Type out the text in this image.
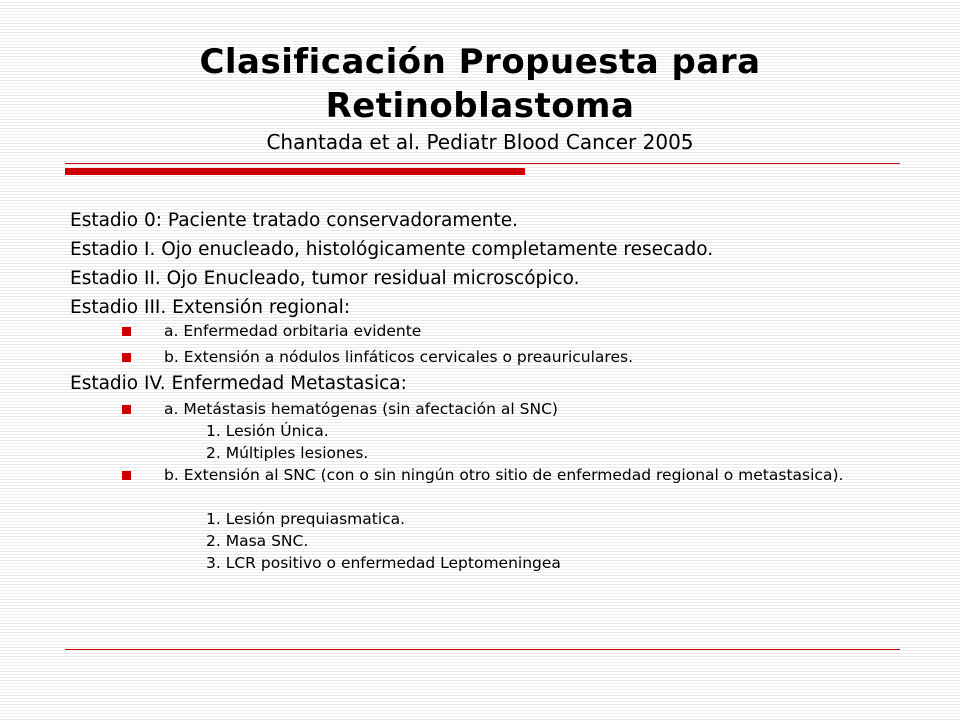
Clasificación Propuesta para Retinoblastoma
Chantada et al. Pediatr Blood Cancer 2005
Estadio 0: Paciente tratado conservadoramente.
Estadio I. Ojo enucleado, histológicamente completamente resecado.
Estadio II. Ojo Enucleado, tumor residual microscópico.
Estadio III. Extensión regional:
a. Enfermedad orbitaria evidente
b. Extensión a nódulos linfáticos cervicales o preauriculares.
Estadio IV. Enfermedad Metastasica:
a. Metástasis hematógenas (sin afectación al SNC)
1. Lesión Única.
2. Múltiples lesiones.
b. Extensión al SNC (con o sin ningún otro sitio de enfermedad regional o metastasica).
1. Lesión prequiasmatica.
2. Masa SNC.
3. LCR positivo o enfermedad Leptomeningea
